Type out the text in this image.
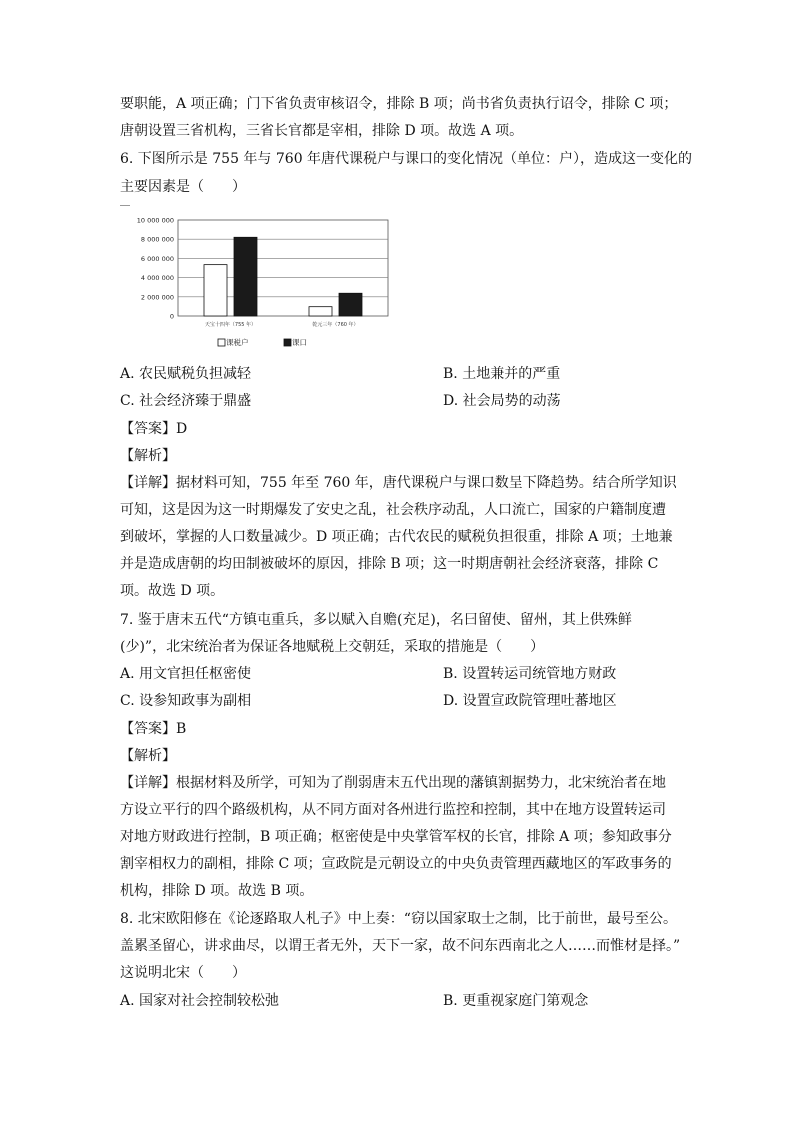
要职能，A 项正确；门下省负责审核诏令，排除 B 项；尚书省负责执行诏令，排除 C 项；
唐朝设置三省机构，三省长官都是宰相，排除 D 项。故选 A 项。
6. 下图所示是 755 年与 760 年唐代课税户与课口的变化情况（单位：户），造成这一变化的
主要因素是（　　）
10 000 000
8 000 000
6 000 000
4 000 000
2 000 000
0
天宝十四年（755 年）	乾元三年（760 年）
课税户	课口
A. 农民赋税负担减轻	B. 土地兼并的严重
C. 社会经济臻于鼎盛	D. 社会局势的动荡
【答案】D
【解析】
【详解】据材料可知，755 年至 760 年，唐代课税户与课口数呈下降趋势。结合所学知识
可知，这是因为这一时期爆发了安史之乱，社会秩序动乱，人口流亡，国家的户籍制度遭
到破坏，掌握的人口数量减少。D 项正确；古代农民的赋税负担很重，排除 A 项；土地兼
并是造成唐朝的均田制被破坏的原因，排除 B 项；这一时期唐朝社会经济衰落，排除 C
项。故选 D 项。
7. 鉴于唐末五代“方镇屯重兵，多以赋入自赡(充足)，名曰留使、留州，其上供殊鲜
(少)”，北宋统治者为保证各地赋税上交朝廷，采取的措施是（　　）
A. 用文官担任枢密使	B. 设置转运司统管地方财政
C. 设参知政事为副相	D. 设置宣政院管理吐蕃地区
【答案】B
【解析】
【详解】根据材料及所学，可知为了削弱唐末五代出现的藩镇割据势力，北宋统治者在地
方设立平行的四个路级机构，从不同方面对各州进行监控和控制，其中在地方设置转运司
对地方财政进行控制，B 项正确；枢密使是中央掌管军权的长官，排除 A 项；参知政事分
割宰相权力的副相，排除 C 项；宣政院是元朝设立的中央负责管理西藏地区的军政事务的
机构，排除 D 项。故选 B 项。
8. 北宋欧阳修在《论逐路取人札子》中上奏：“窃以国家取士之制，比于前世，最号至公。
盖累圣留心，讲求曲尽，以谓王者无外，天下一家，故不问东西南北之人……而惟材是择。”
这说明北宋（　　）
A. 国家对社会控制较松弛	B. 更重视家庭门第观念
